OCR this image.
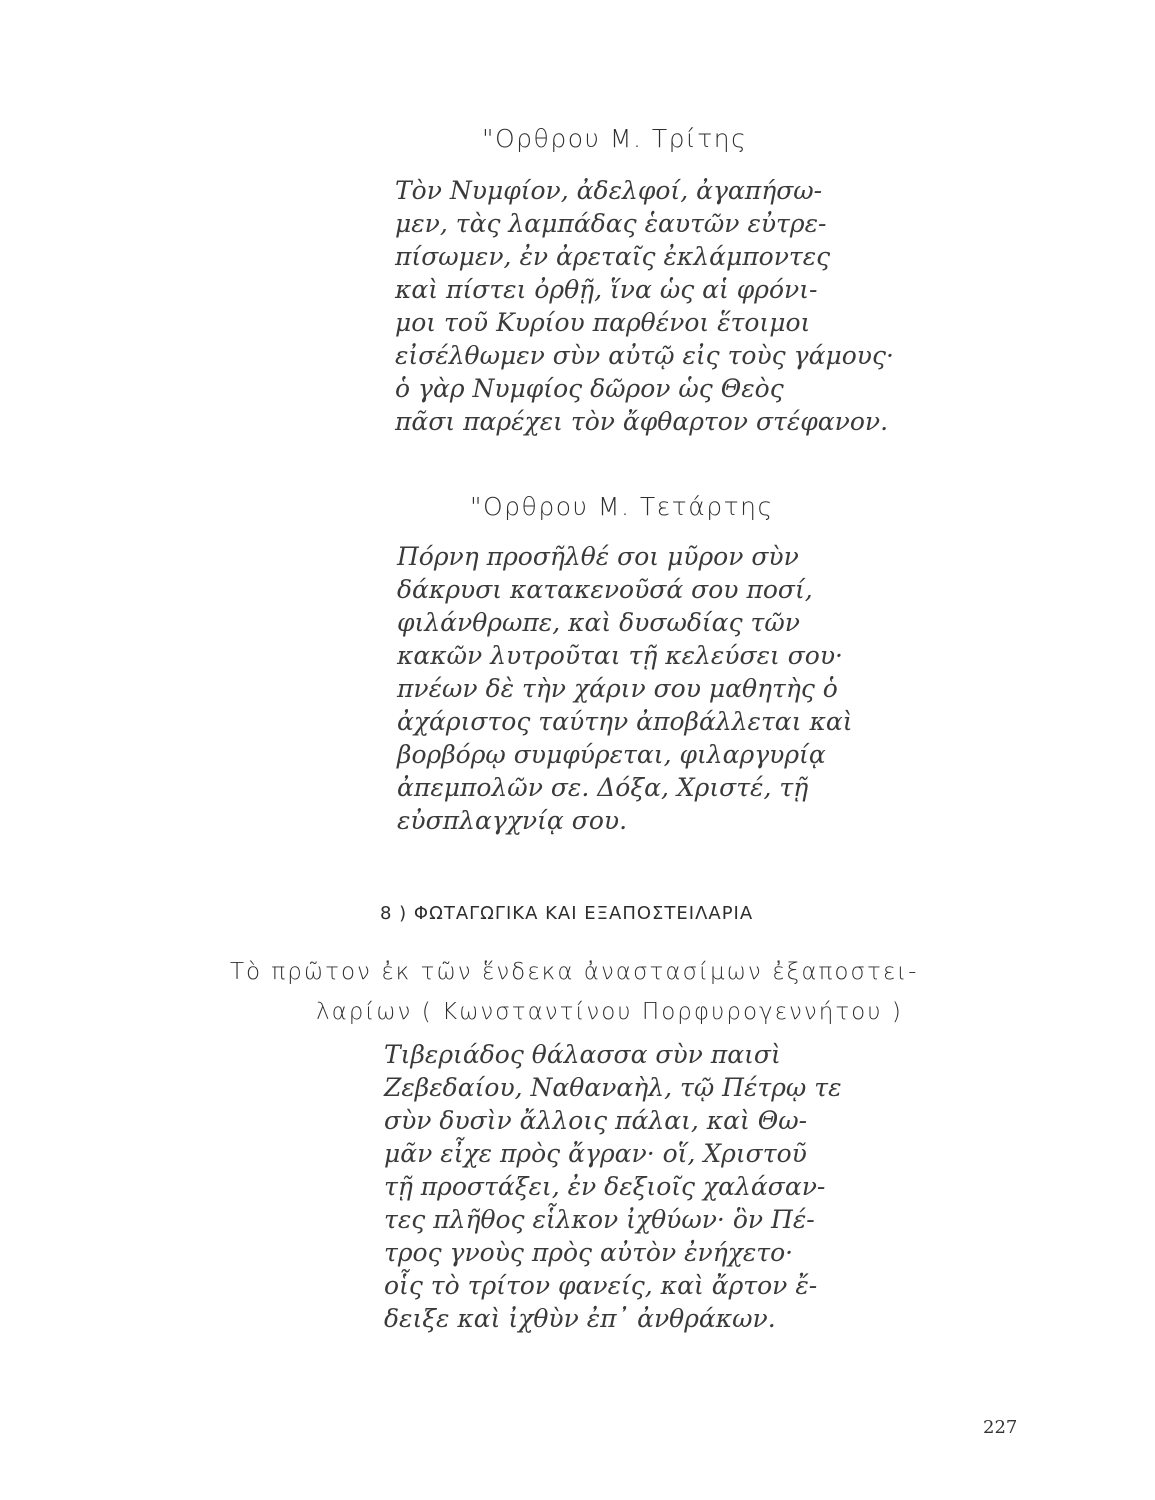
"Ορθρου Μ. Τρίτης
Τὸν Νυμφίον, ἀδελφοί, ἀγαπήσω-
μεν, τὰς λαμπάδας ἑαυτῶν εὐτρε-
πίσωμεν, ἐν ἀρεταῖς ἐκλάμποντες
καὶ πίστει ὀρθῇ, ἵνα ὡς αἱ φρόνι-
μοι τοῦ Κυρίου παρθένοι ἕτοιμοι
εἰσέλθωμεν σὺν αὐτῷ εἰς τοὺς γάμους·
ὁ γὰρ Νυμφίος δῶρον ὡς Θεὸς
πᾶσι παρέχει τὸν ἄφθαρτον στέφανον.
"Ορθρου Μ. Τετάρτης
Πόρνη προσῆλθέ σοι μῦρον σὺν
δάκρυσι κατακενοῦσά σου ποσί,
φιλάνθρωπε, καὶ δυσωδίας τῶν
κακῶν λυτροῦται τῇ κελεύσει σου·
πνέων δὲ τὴν χάριν σου μαθητὴς ὁ
ἀχάριστος ταύτην ἀποβάλλεται καὶ
βορβόρῳ συμφύρεται, φιλαργυρίᾳ
ἀπεμπολῶν σε. Δόξα, Χριστέ, τῇ
εὐσπλαγχνίᾳ σου.
8 ) ΦΩΤΑΓΩΓΙΚΑ ΚΑΙ ΕΞΑΠΟΣΤΕΙΛΑΡΙΑ
Τὸ πρῶτον ἐκ τῶν ἕνδεκα ἀναστασίμων ἐξαποστει-
λαρίων ( Κωνσταντίνου Πορφυρογεννήτου )
Τιβεριάδος θάλασσα σὺν παισὶ
Ζεβεδαίου, Ναθαναὴλ, τῷ Πέτρῳ τε
σὺν δυσὶν ἄλλοις πάλαι, καὶ Θω-
μᾶν εἶχε πρὸς ἄγραν· οἵ, Χριστοῦ
τῇ προστάξει, ἐν δεξιοῖς χαλάσαν-
τες πλῆθος εἷλκον ἰχθύων· ὃν Πέ-
τρος γνοὺς πρὸς αὐτὸν ἐνήχετο·
οἷς τὸ τρίτον φανείς, καὶ ἄρτον ἔ-
δειξε καὶ ἰχθὺν ἐπ᾽ ἀνθράκων.
227
